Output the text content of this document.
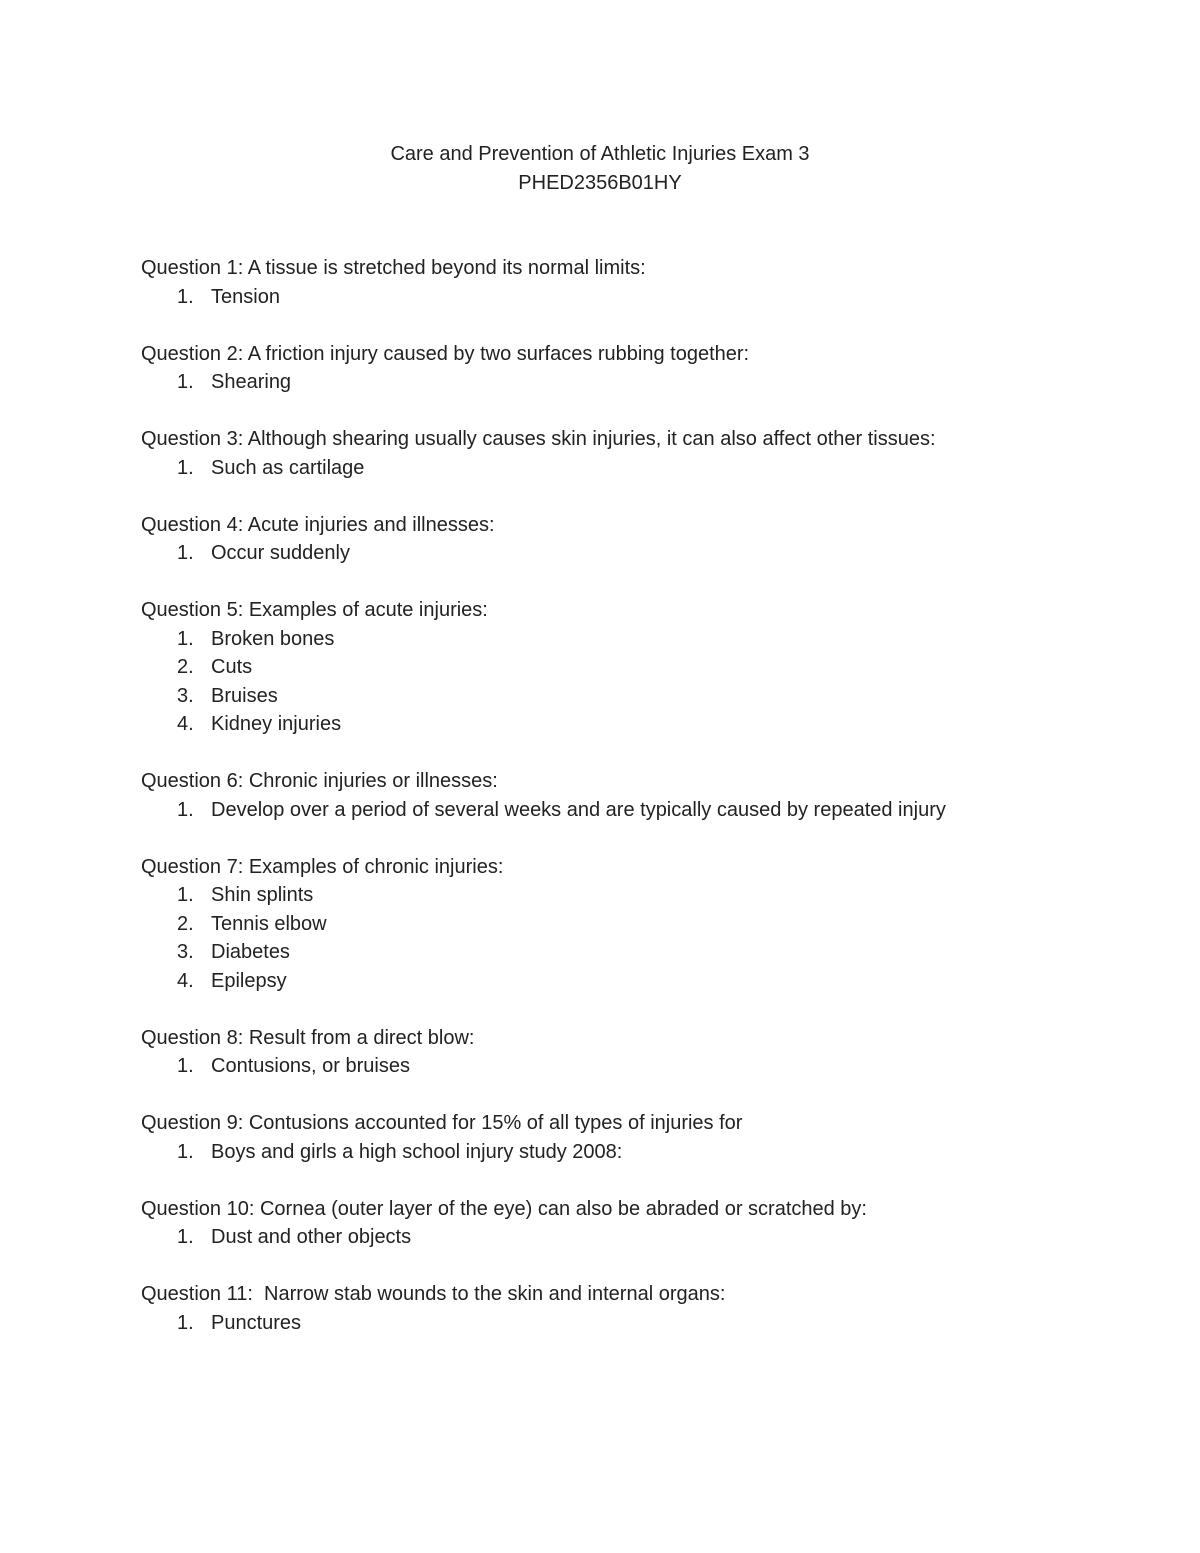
Care and Prevention of Athletic Injuries Exam 3
PHED2356B01HY
Question 1: A tissue is stretched beyond its normal limits:
1. Tension
Question 2: A friction injury caused by two surfaces rubbing together:
1. Shearing
Question 3: Although shearing usually causes skin injuries, it can also affect other tissues:
1. Such as cartilage
Question 4: Acute injuries and illnesses:
1. Occur suddenly
Question 5: Examples of acute injuries:
1. Broken bones
2. Cuts
3. Bruises
4. Kidney injuries
Question 6: Chronic injuries or illnesses:
1. Develop over a period of several weeks and are typically caused by repeated injury
Question 7: Examples of chronic injuries:
1. Shin splints
2. Tennis elbow
3. Diabetes
4. Epilepsy
Question 8: Result from a direct blow:
1. Contusions, or bruises
Question 9: Contusions accounted for 15% of all types of injuries for
1. Boys and girls a high school injury study 2008:
Question 10: Cornea (outer layer of the eye) can also be abraded or scratched by:
1. Dust and other objects
Question 11:  Narrow stab wounds to the skin and internal organs:
1. Punctures
